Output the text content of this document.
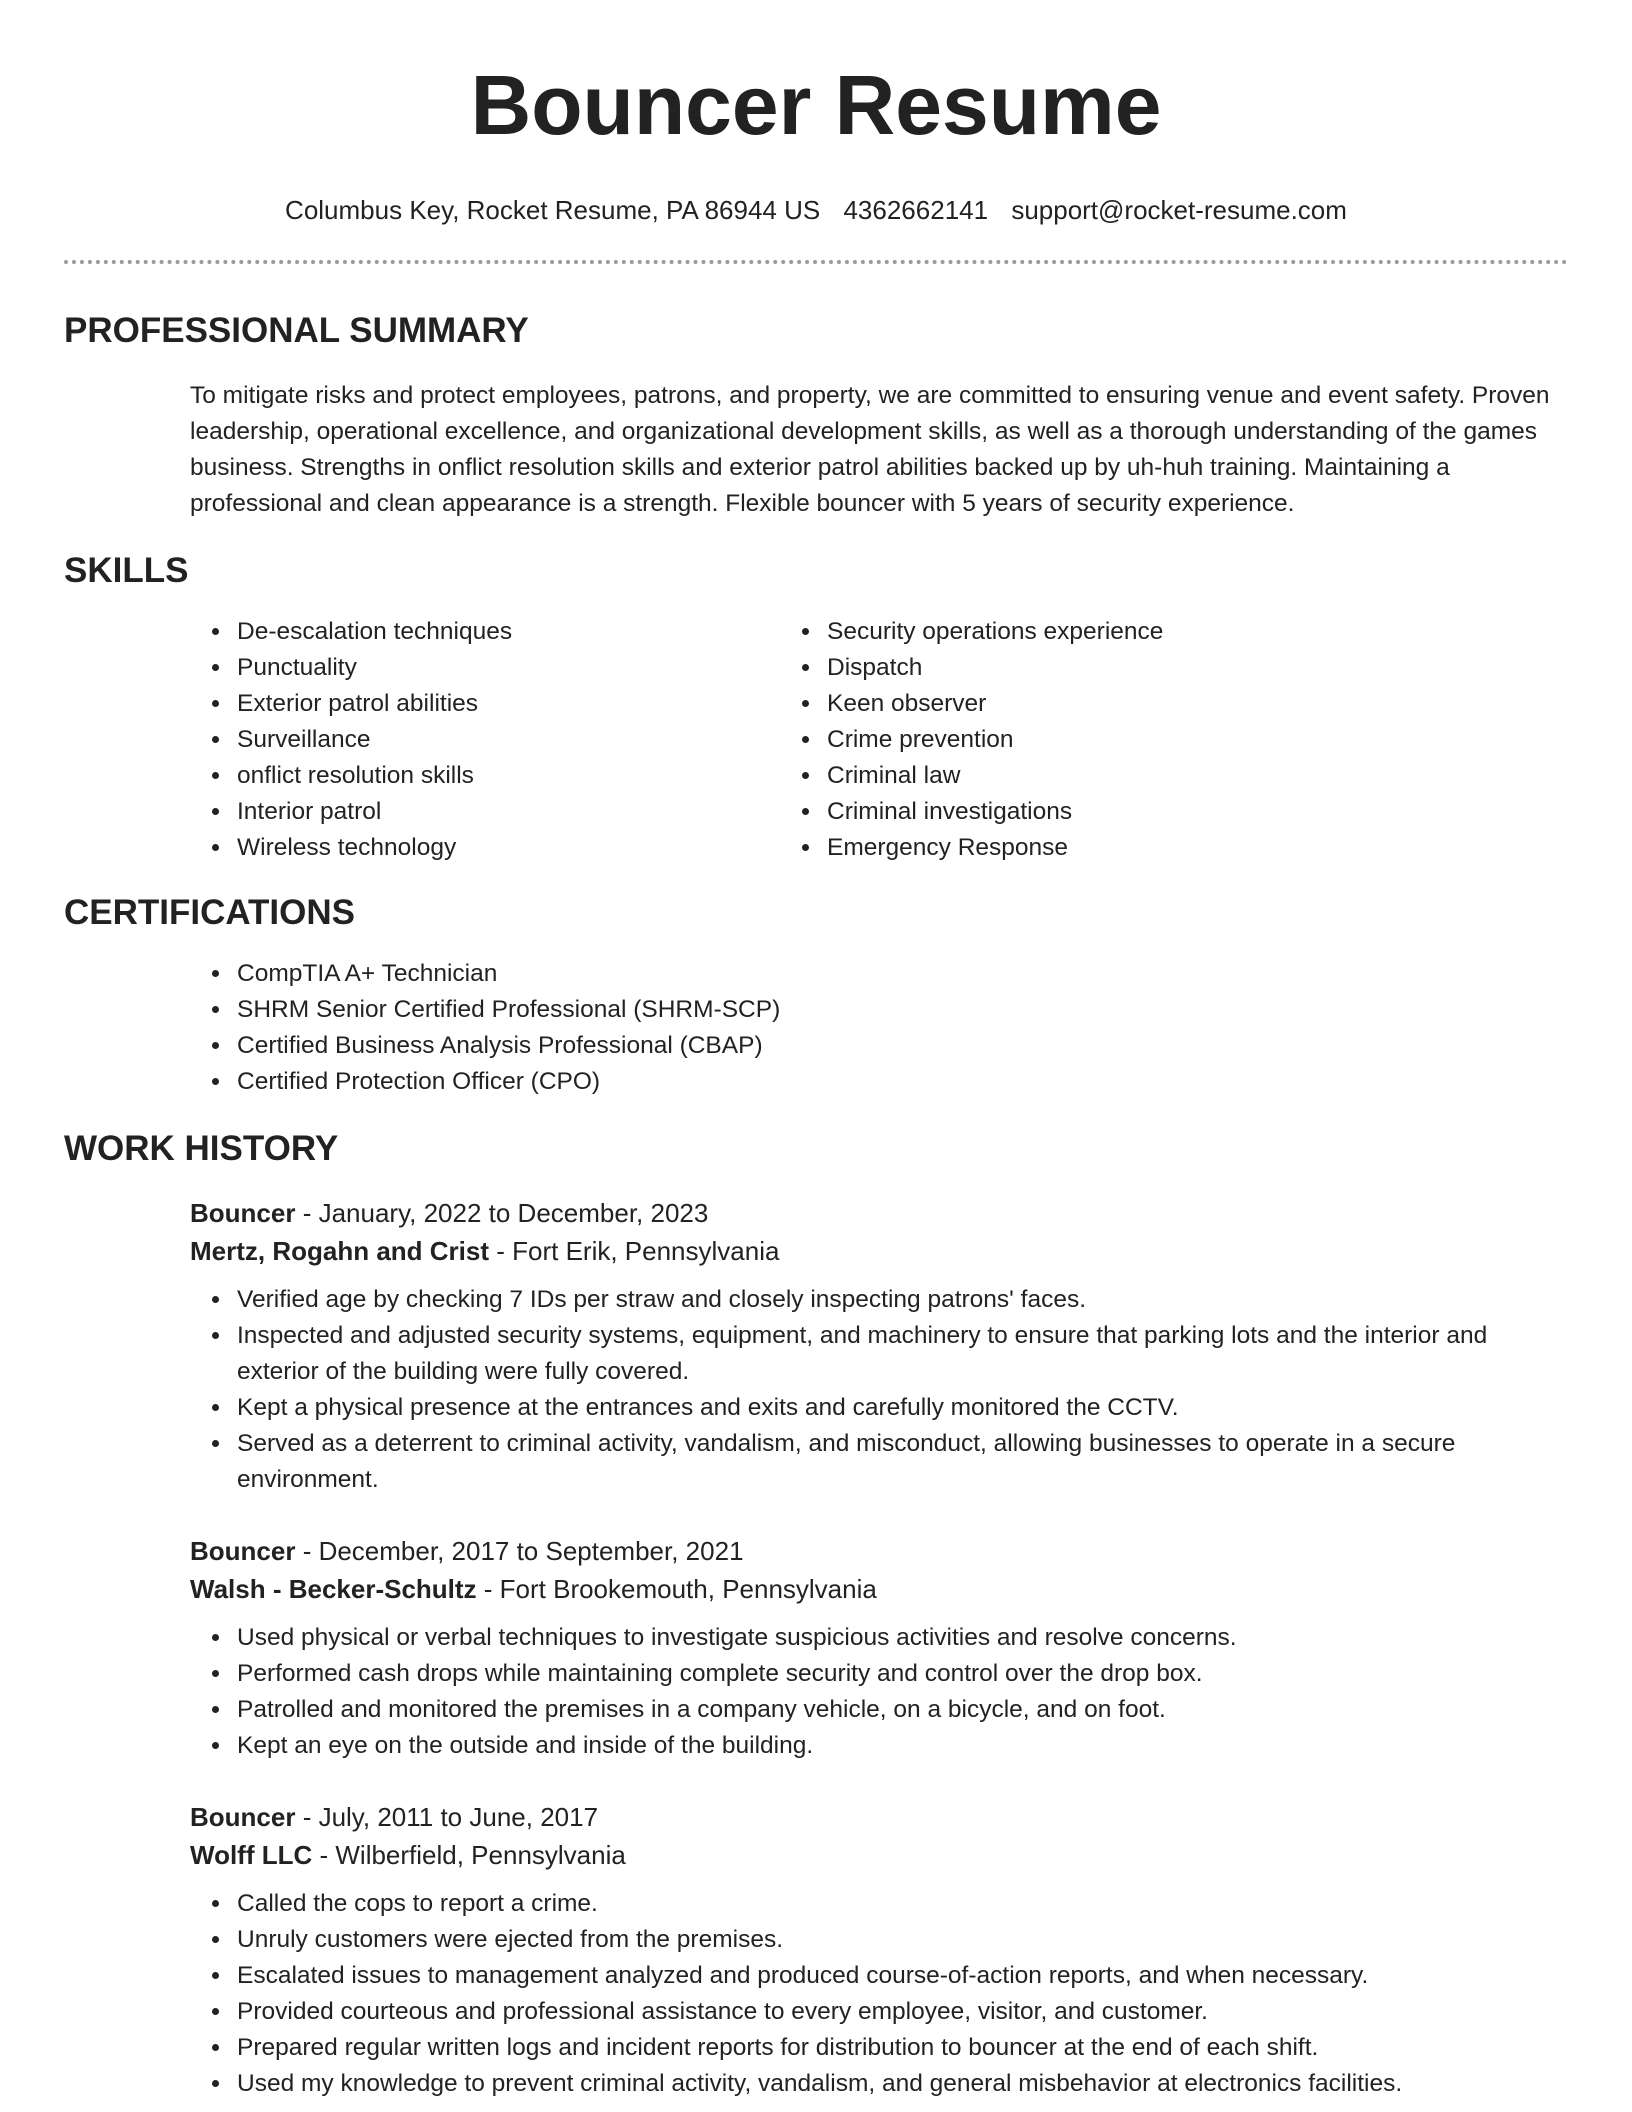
Bouncer Resume
Columbus Key, Rocket Resume, PA 86944 US 4362662141 support@rocket-resume.com
PROFESSIONAL SUMMARY

To mitigate risks and protect employees, patrons, and property, we are committed to ensuring venue and event safety. Proven leadership, operational excellence, and organizational development skills, as well as a thorough understanding of the games business. Strengths in onflict resolution skills and exterior patrol abilities backed up by uh-huh training. Maintaining a professional and clean appearance is a strength. Flexible bouncer with 5 years of security experience.

SKILLS
• De-escalation techniques
• Punctuality
• Exterior patrol abilities
• Surveillance
• onflict resolution skills
• Interior patrol
• Wireless technology
• Security operations experience
• Dispatch
• Keen observer
• Crime prevention
• Criminal law
• Criminal investigations
• Emergency Response
CERTIFICATIONS
• CompTIA A+ Technician
• SHRM Senior Certified Professional (SHRM-SCP)
• Certified Business Analysis Professional (CBAP)
• Certified Protection Officer (CPO)
WORK HISTORY
Bouncer - January, 2022 to December, 2023
Mertz, Rogahn and Crist - Fort Erik, Pennsylvania
• Verified age by checking 7 IDs per straw and closely inspecting patrons' faces.
• Inspected and adjusted security systems, equipment, and machinery to ensure that parking lots and the interior and exterior of the building were fully covered.
• Kept a physical presence at the entrances and exits and carefully monitored the CCTV.
• Served as a deterrent to criminal activity, vandalism, and misconduct, allowing businesses to operate in a secure environment.
Bouncer - December, 2017 to September, 2021
Walsh - Becker-Schultz - Fort Brookemouth, Pennsylvania
• Used physical or verbal techniques to investigate suspicious activities and resolve concerns.
• Performed cash drops while maintaining complete security and control over the drop box.
• Patrolled and monitored the premises in a company vehicle, on a bicycle, and on foot.
• Kept an eye on the outside and inside of the building.
Bouncer - July, 2011 to June, 2017
Wolff LLC - Wilberfield, Pennsylvania
• Called the cops to report a crime.
• Unruly customers were ejected from the premises.
• Escalated issues to management analyzed and produced course-of-action reports, and when necessary.
• Provided courteous and professional assistance to every employee, visitor, and customer.
• Prepared regular written logs and incident reports for distribution to bouncer at the end of each shift.
• Used my knowledge to prevent criminal activity, vandalism, and general misbehavior at electronics facilities.
